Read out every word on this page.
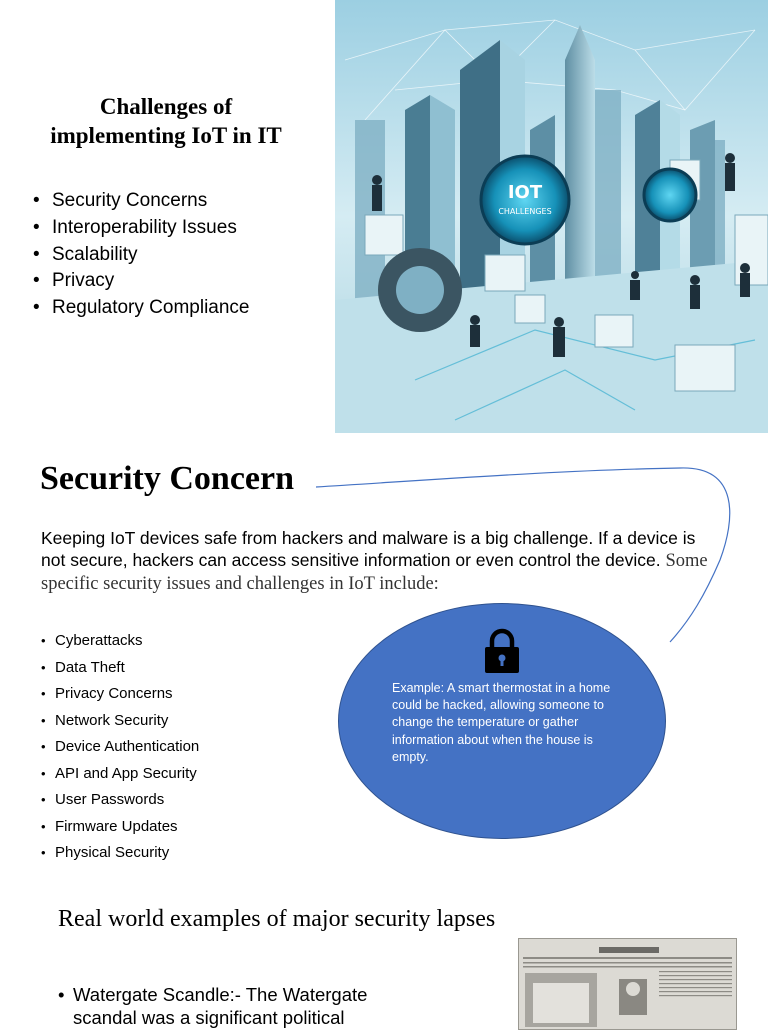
Challenges of
implementing IoT in IT
• Security Concerns
• Interoperability Issues
• Scalability
• Privacy
• Regulatory Compliance
IOT
CHALLENGES
Security Concern
Keeping IoT devices safe from hackers and malware is a big challenge. If a device is not secure, hackers can access sensitive information or even control the device. Some specific security issues and challenges in IoT include:
• Cyberattacks
• Data Theft
• Privacy Concerns
• Network Security
• Device Authentication
• API and App Security
• User Passwords
• Firmware Updates
• Physical Security
Example: A smart thermostat in a home could be hacked, allowing someone to change the temperature or gather information about when the house is empty.
Real world examples of major security lapses
• Watergate Scandle:- The Watergate scandal was a significant political
